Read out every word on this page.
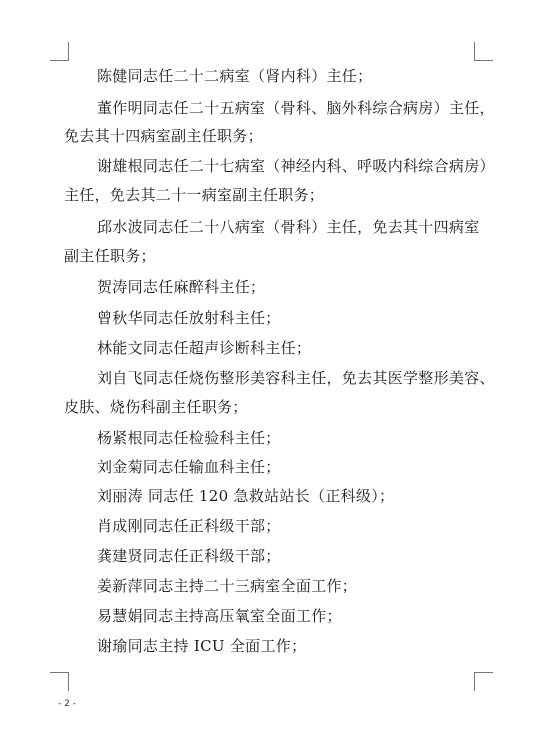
陈健同志任二十二病室（肾内科）主任；
董作明同志任二十五病室（骨科、脑外科综合病房）主任，
免去其十四病室副主任职务；
谢雄根同志任二十七病室（神经内科、呼吸内科综合病房）
主任，免去其二十一病室副主任职务；
邱水波同志任二十八病室（骨科）主任，免去其十四病室
副主任职务；
贺涛同志任麻醉科主任；
曾秋华同志任放射科主任；
林能文同志任超声诊断科主任；
刘自飞同志任烧伤整形美容科主任，免去其医学整形美容、
皮肤、烧伤科副主任职务；
杨紧根同志任检验科主任；
刘金菊同志任输血科主任；
刘丽涛 同志任 120 急救站站长（正科级）；
肖成刚同志任正科级干部；
龚建贤同志任正科级干部；
姜新萍同志主持二十三病室全面工作；
易慧娟同志主持高压氧室全面工作；
谢瑜同志主持 ICU 全面工作；
- 2 -
